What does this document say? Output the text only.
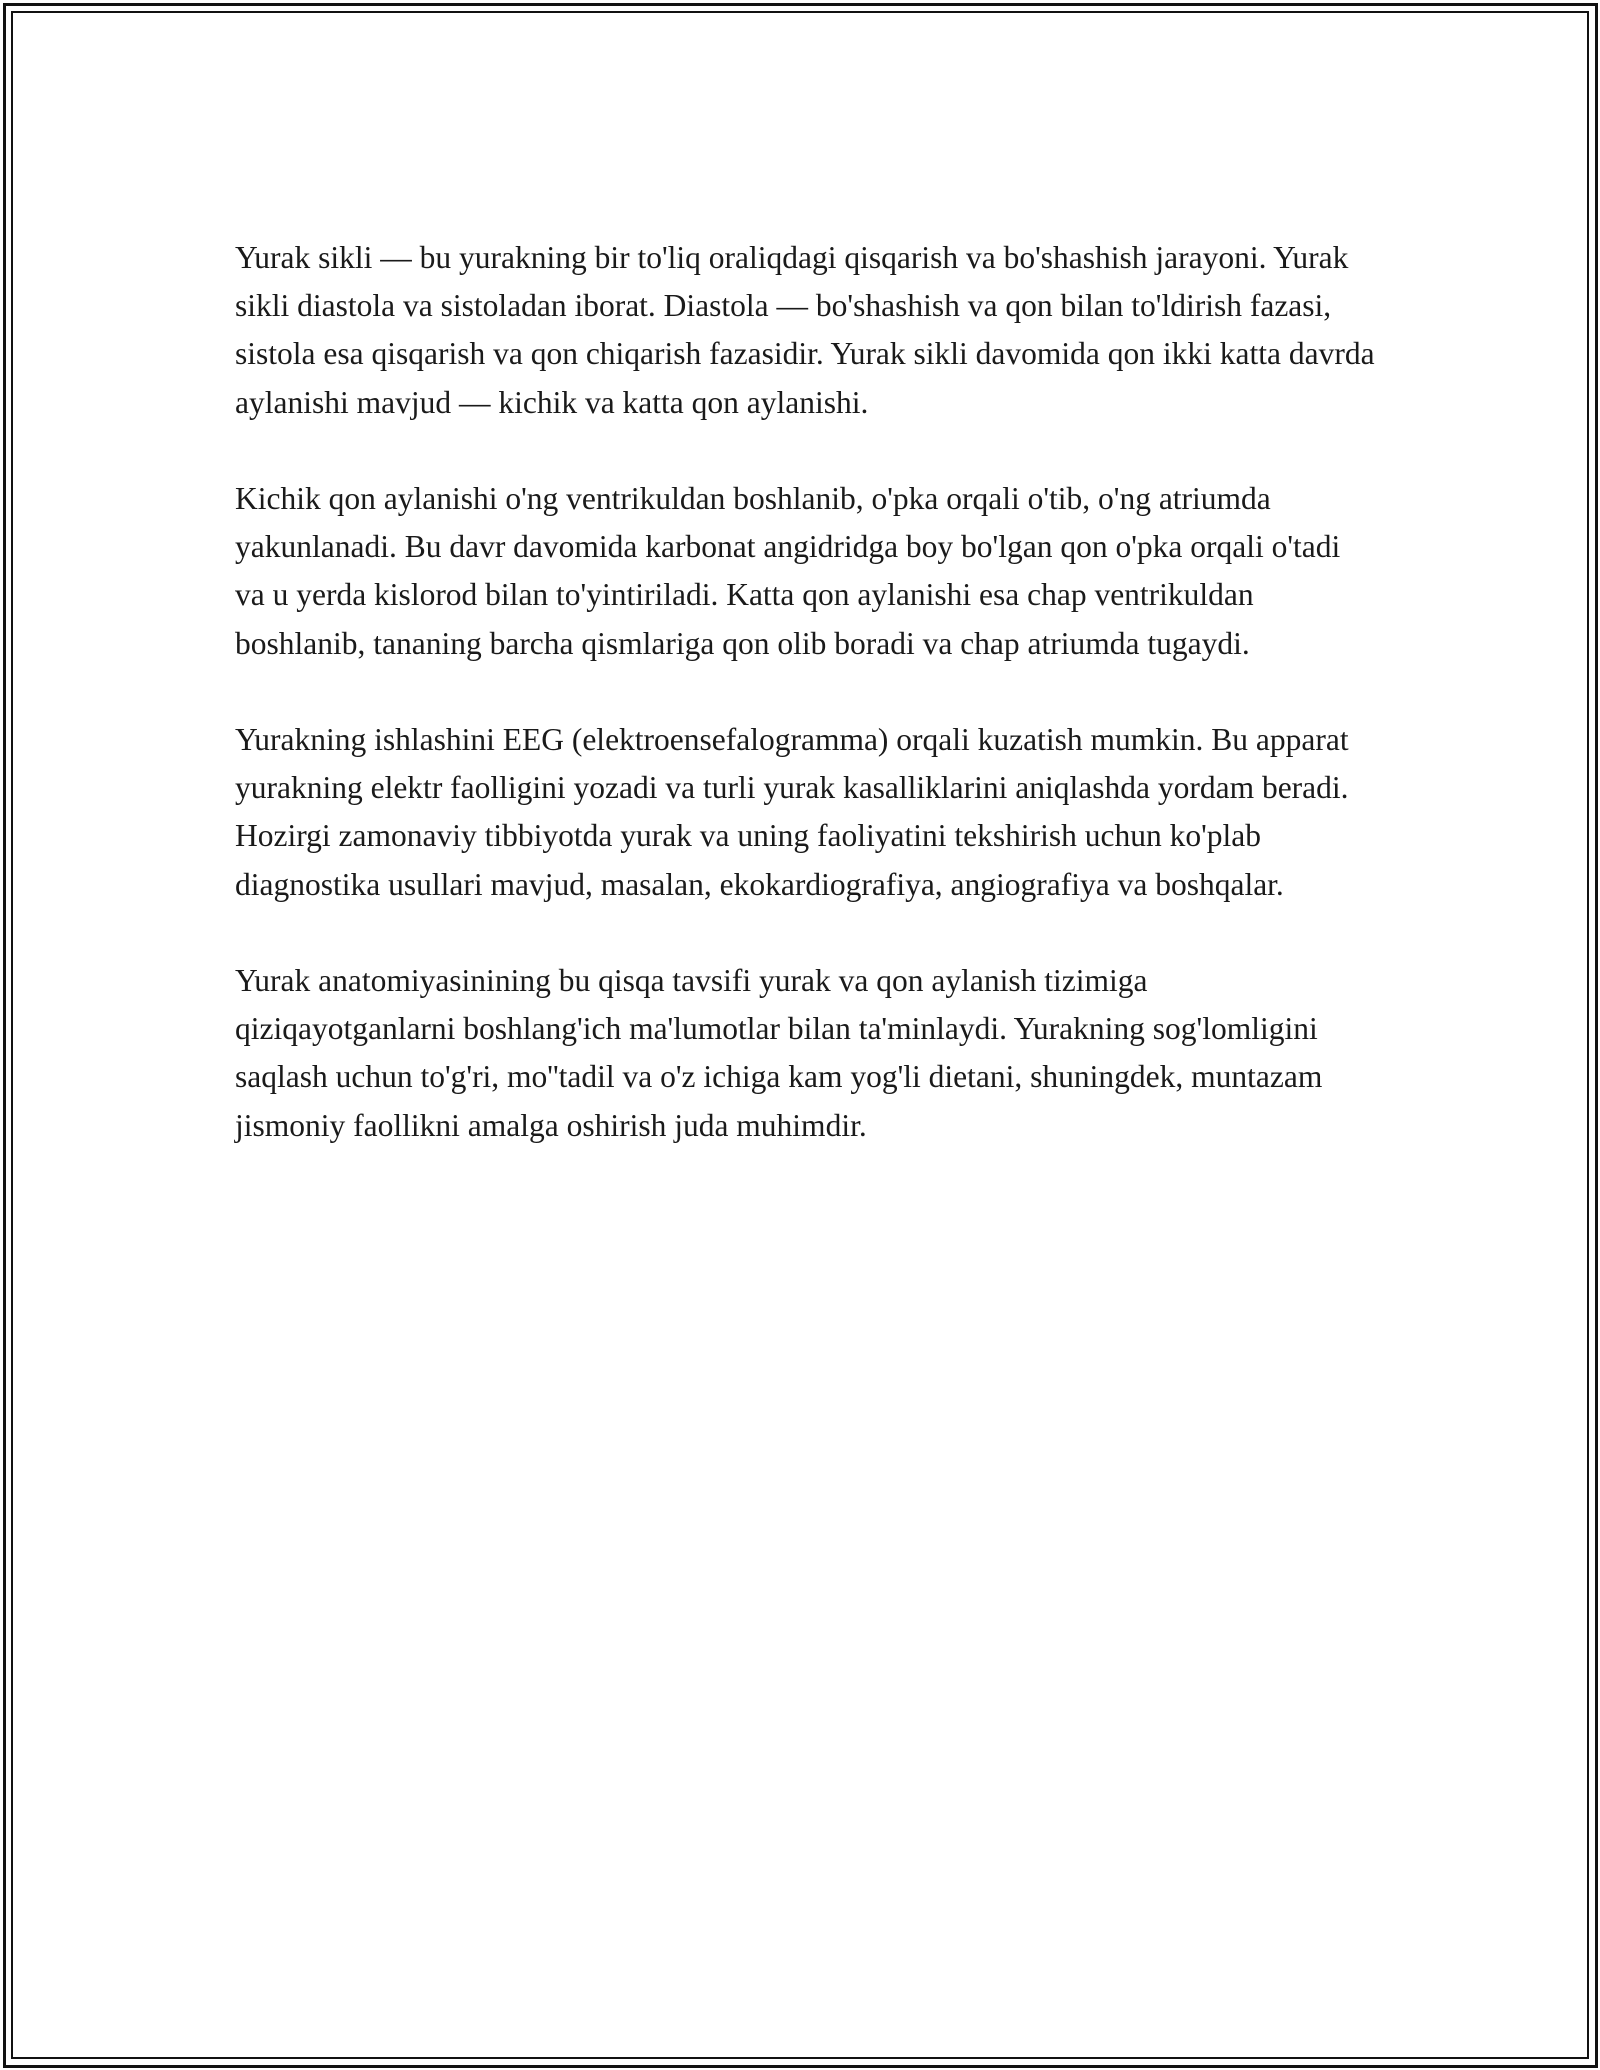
Yurak sikli — bu yurakning bir to'liq oraliqdagi qisqarish va bo'shashish jarayoni. Yurak sikli diastola va sistoladan iborat. Diastola — bo'shashish va qon bilan to'ldirish fazasi, sistola esa qisqarish va qon chiqarish fazasidir. Yurak sikli davomida qon ikki katta davrda aylanishi mavjud — kichik va katta qon aylanishi.

Kichik qon aylanishi o'ng ventrikuldan boshlanib, o'pka orqali o'tib, o'ng atriumda yakunlanadi. Bu davr davomida karbonat angidridga boy bo'lgan qon o'pka orqali o'tadi va u yerda kislorod bilan to'yintiriladi. Katta qon aylanishi esa chap ventrikuldan boshlanib, tananing barcha qismlariga qon olib boradi va chap atriumda tugaydi.

Yurakning ishlashini EEG (elektroensefalogramma) orqali kuzatish mumkin. Bu apparat yurakning elektr faolligini yozadi va turli yurak kasalliklarini aniqlashda yordam beradi. Hozirgi zamonaviy tibbiyotda yurak va uning faoliyatini tekshirish uchun ko'plab diagnostika usullari mavjud, masalan, ekokardiografiya, angiografiya va boshqalar.

Yurak anatomiyasinining bu qisqa tavsifi yurak va qon aylanish tizimiga qiziqayotganlarni boshlang'ich ma'lumotlar bilan ta'minlaydi. Yurakning sog'lomligini saqlash uchun to'g'ri, mo''tadil va o'z ichiga kam yog'li dietani, shuningdek, muntazam jismoniy faollikni amalga oshirish juda muhimdir.
